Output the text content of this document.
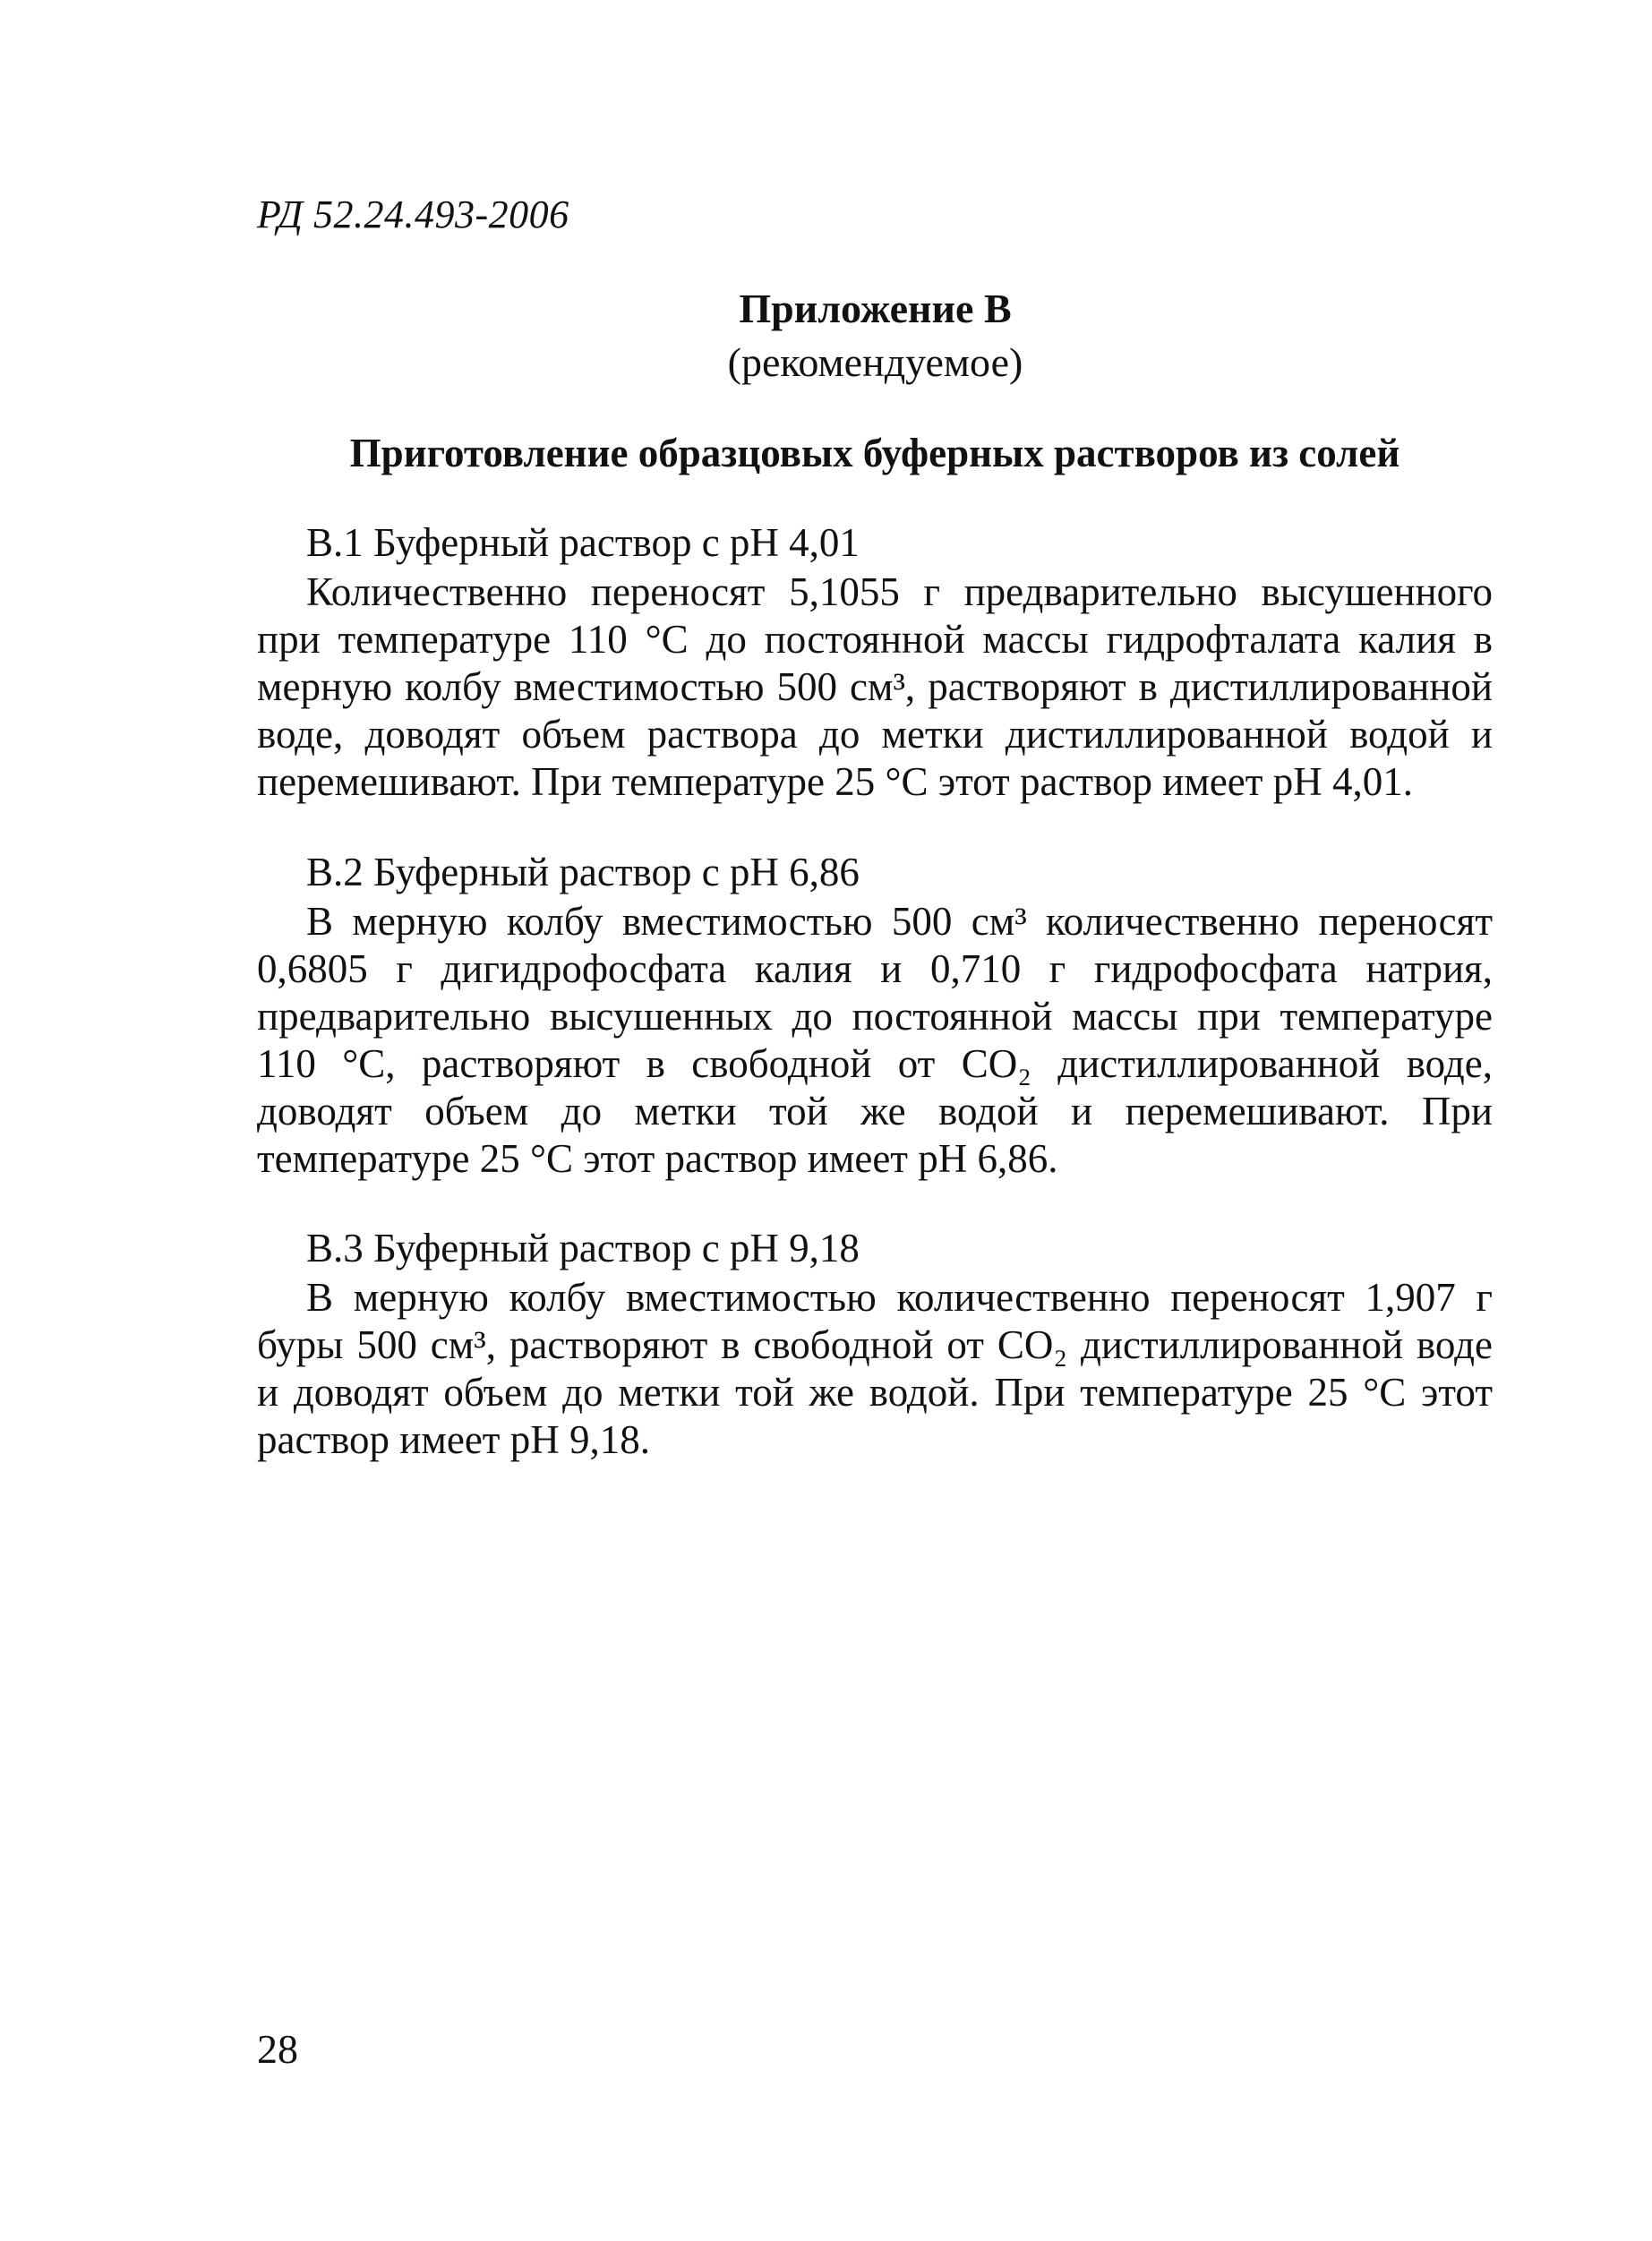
РД 52.24.493-2006

Приложение В

(рекомендуемое)

Приготовление образцовых буферных растворов из солей

В.1 Буферный раствор с pH 4,01

Количественно переносят 5,1055 г предварительно высушенного при температуре 110 °С до постоянной массы гидрофталата калия в мерную колбу вместимостью 500 см³, растворяют в дистиллированной воде, доводят объем раствора до метки дистиллированной водой и перемешивают. При температуре 25 °С этот раствор имеет pH 4,01.

В.2 Буферный раствор с pH 6,86

В мерную колбу вместимостью 500 см³ количественно переносят 0,6805 г дигидрофосфата калия и 0,710 г гидрофосфата натрия, предварительно высушенных до постоянной массы при температуре 110 °С, растворяют в свободной от CO₂ дистиллированной воде, доводят объем до метки той же водой и перемешивают. При температуре 25 °С этот раствор имеет pH 6,86.

В.3 Буферный раствор с pH 9,18

В мерную колбу вместимостью количественно переносят 1,907 г буры 500 см³, растворяют в свободной от CO₂ дистиллированной воде и доводят объем до метки той же водой. При температуре 25 °С этот раствор имеет pH 9,18.

28
